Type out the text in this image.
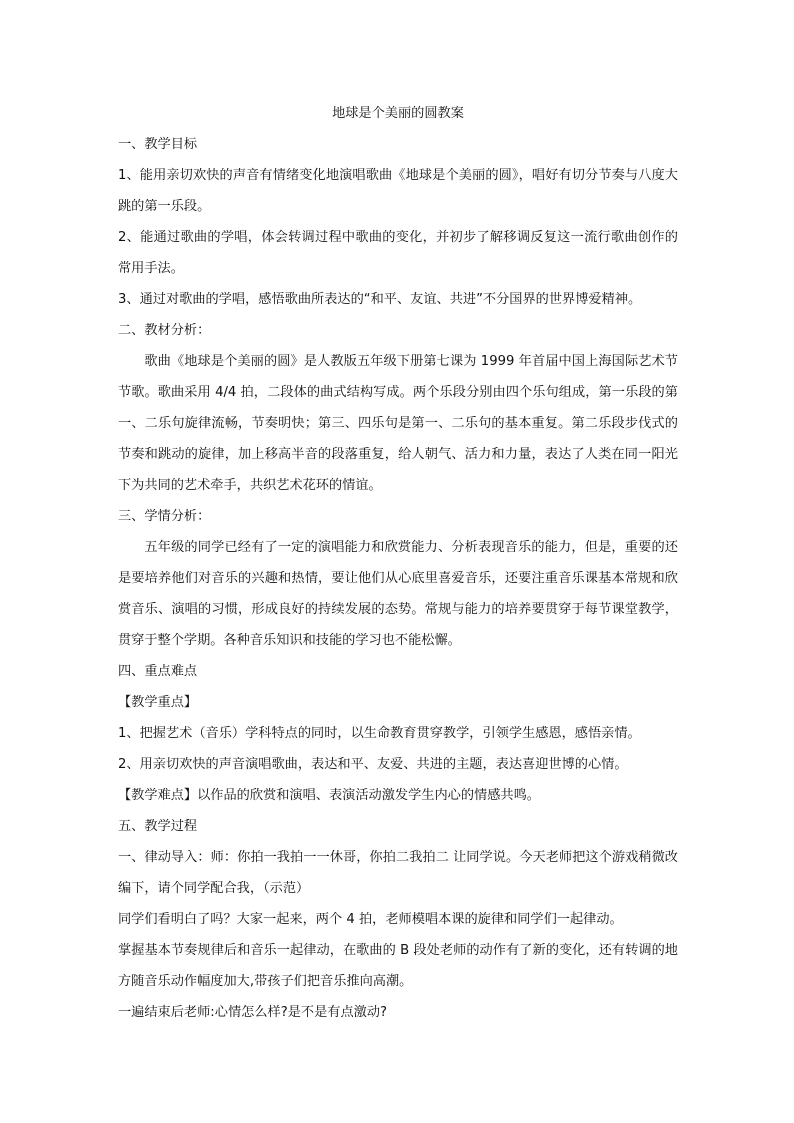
地球是个美丽的圆教案

一、教学目标

1、能用亲切欢快的声音有情绪变化地演唱歌曲《地球是个美丽的圆》，唱好有切分节奏与八度大跳的第一乐段。

2、能通过歌曲的学唱，体会转调过程中歌曲的变化，并初步了解移调反复这一流行歌曲创作的常用手法。

3、通过对歌曲的学唱，感悟歌曲所表达的“和平、友谊、共进”不分国界的世界博爱精神。

二、教材分析：

歌曲《地球是个美丽的圆》是人教版五年级下册第七课为 1999 年首届中国上海国际艺术节节歌。歌曲采用 4/4 拍，二段体的曲式结构写成。两个乐段分别由四个乐句组成，第一乐段的第一、二乐句旋律流畅，节奏明快；第三、四乐句是第一、二乐句的基本重复。第二乐段步伐式的节奏和跳动的旋律，加上移高半音的段落重复，给人朝气、活力和力量，表达了人类在同一阳光下为共同的艺术牵手，共织艺术花环的情谊。

三、学情分析：

五年级的同学已经有了一定的演唱能力和欣赏能力、分析表现音乐的能力，但是，重要的还是要培养他们对音乐的兴趣和热情，要让他们从心底里喜爱音乐，还要注重音乐课基本常规和欣赏音乐、演唱的习惯，形成良好的持续发展的态势。常规与能力的培养要贯穿于每节课堂教学，贯穿于整个学期。各种音乐知识和技能的学习也不能松懈。

四、重点难点

【教学重点】

1、把握艺术（音乐）学科特点的同时，以生命教育贯穿教学，引领学生感恩，感悟亲情。

2、用亲切欢快的声音演唱歌曲，表达和平、友爱、共进的主题，表达喜迎世博的心情。

【教学难点】以作品的欣赏和演唱、表演活动激发学生内心的情感共鸣。

五、教学过程

一、律动导入：师：你拍一我拍一一休哥，你拍二我拍二 让同学说。今天老师把这个游戏稍微改编下，请个同学配合我，（示范）

同学们看明白了吗？大家一起来，两个 4 拍，老师模唱本课的旋律和同学们一起律动。

掌握基本节奏规律后和音乐一起律动，在歌曲的 B 段处老师的动作有了新的变化，还有转调的地方随音乐动作幅度加大,带孩子们把音乐推向高潮。

一遍结束后老师:心情怎么样?是不是有点激动?
